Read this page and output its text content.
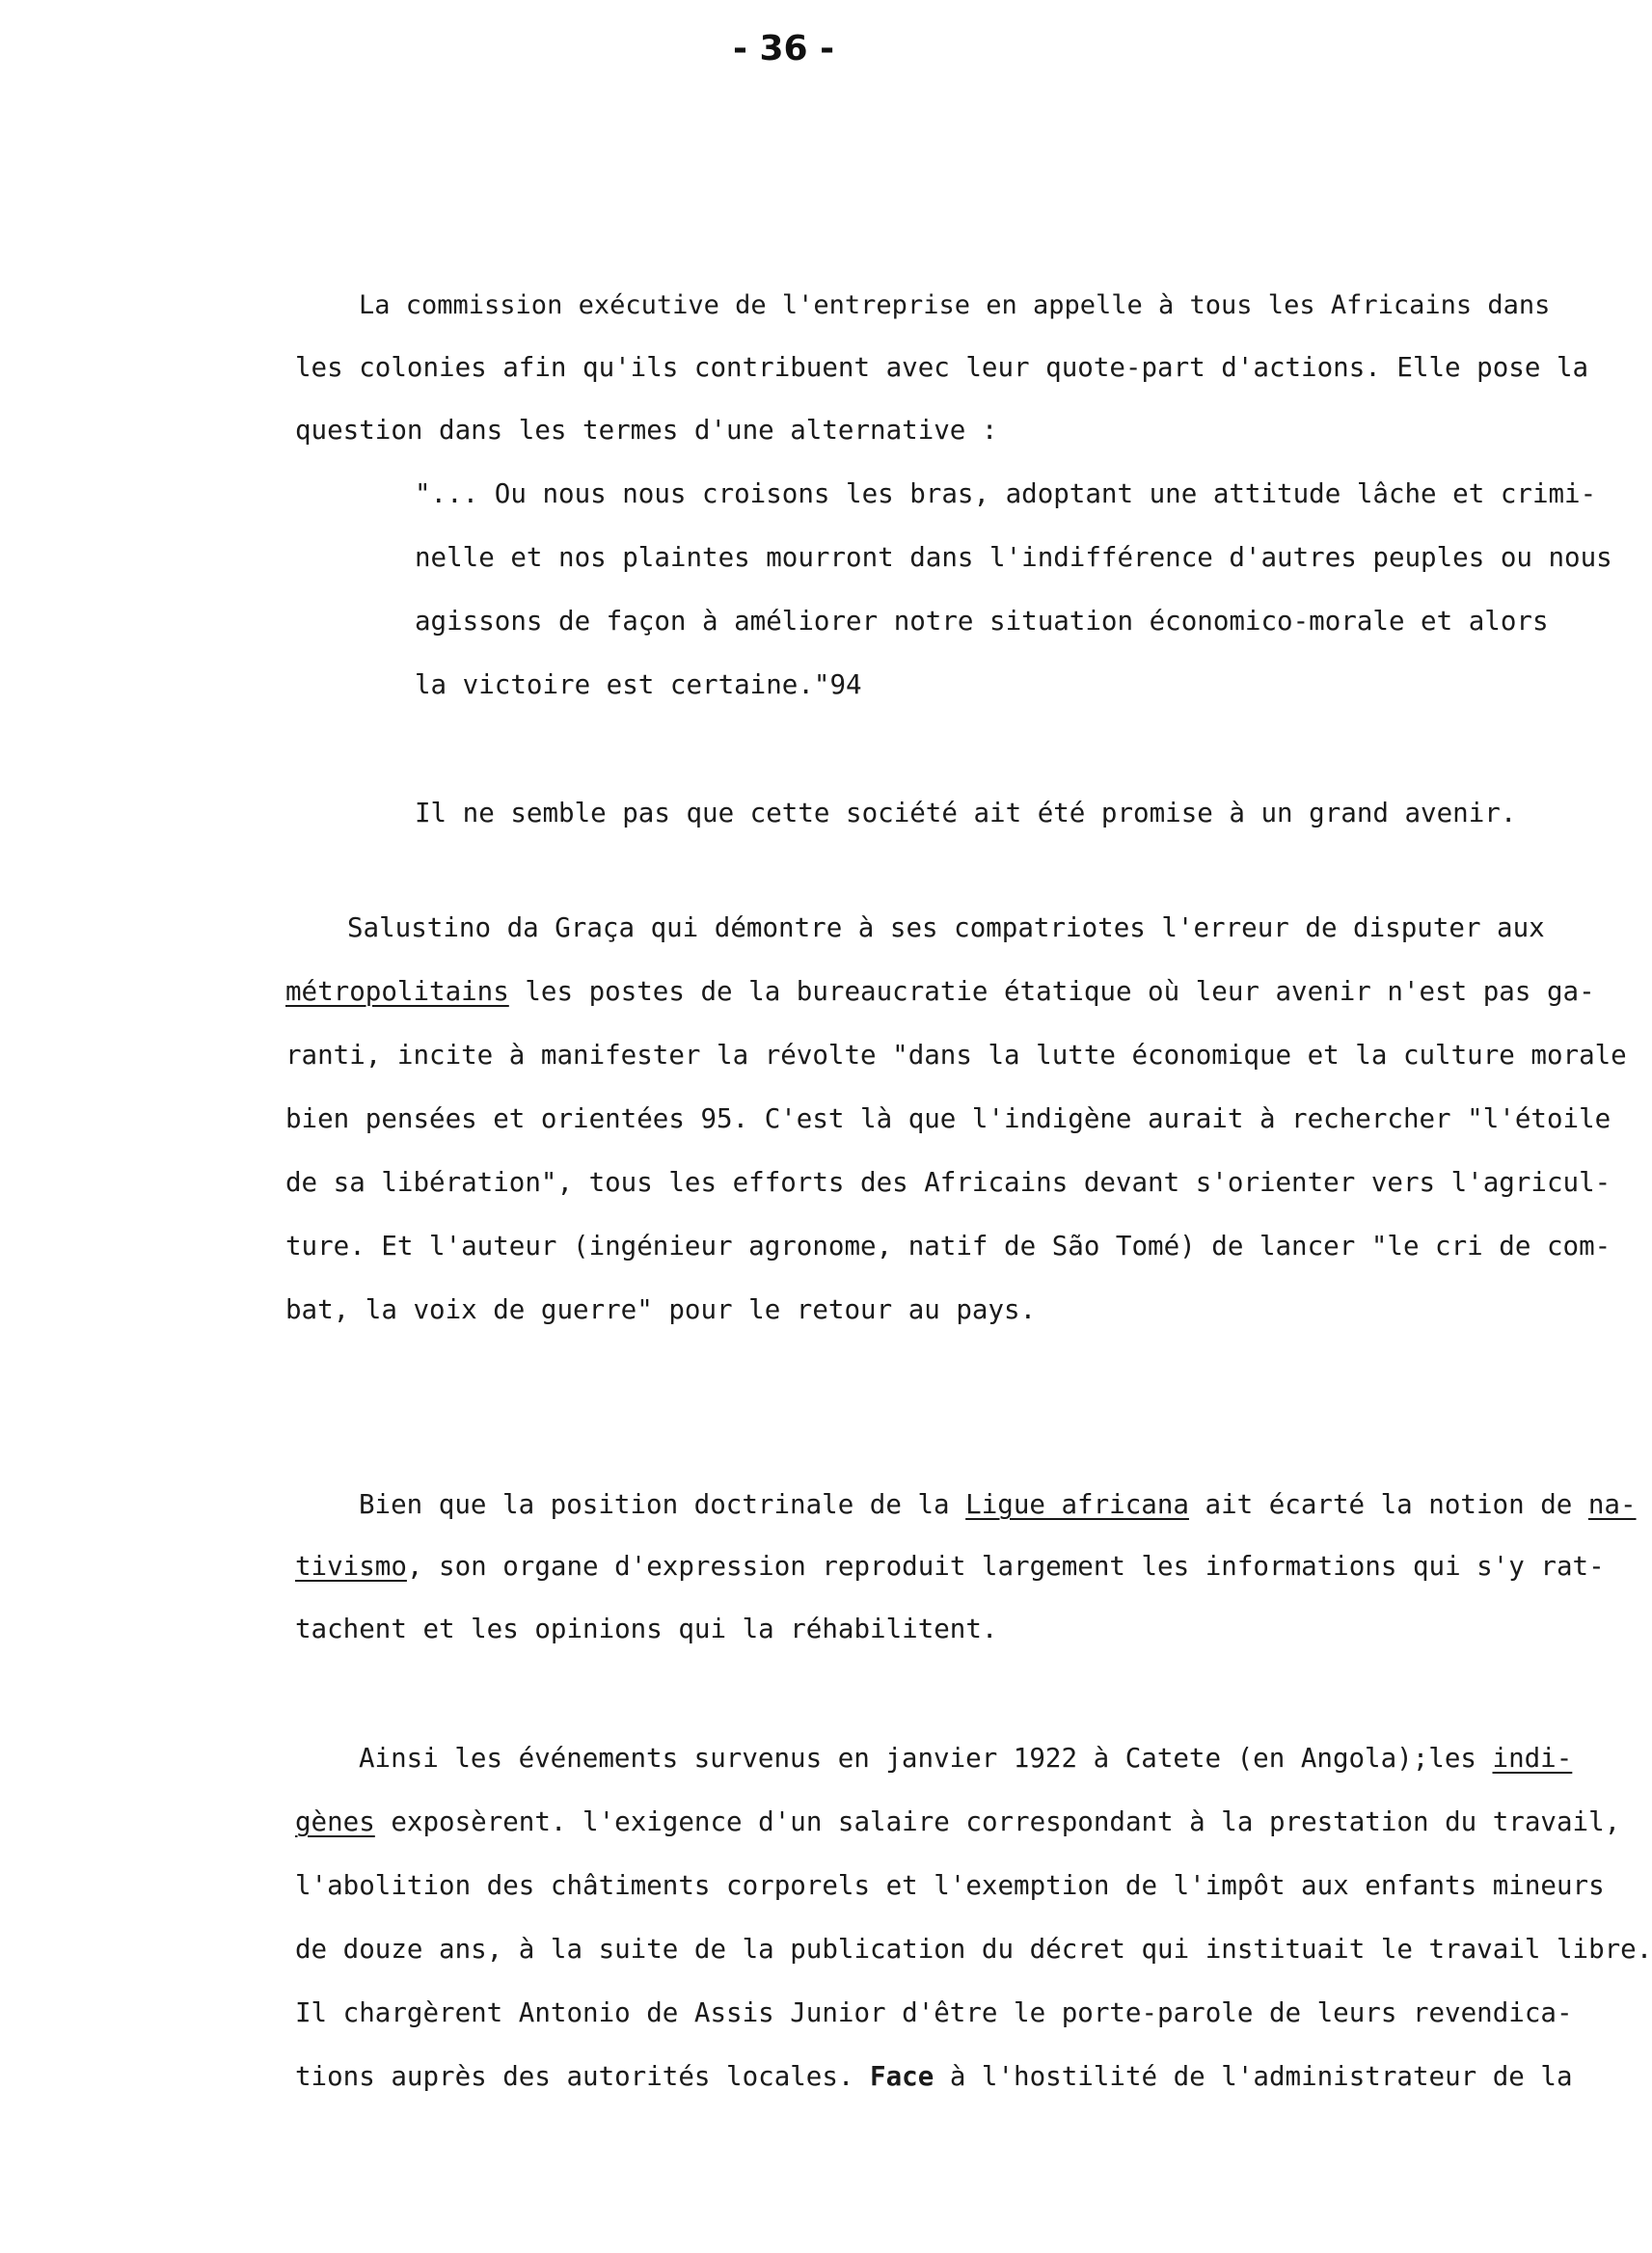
- 36 -
La commission exécutive de l'entreprise en appelle à tous les Africains dans
les colonies afin qu'ils contribuent avec leur quote-part d'actions. Elle pose la
question dans les termes d'une alternative :
"... Ou nous nous croisons les bras, adoptant une attitude lâche et crimi-
nelle et nos plaintes mourront dans l'indifférence d'autres peuples ou nous
agissons de façon à améliorer notre situation économico-morale et alors
la victoire est certaine."94
Il ne semble pas que cette société ait été promise à un grand avenir.
Salustino da Graça qui démontre à ses compatriotes l'erreur de disputer aux
métropolitains les postes de la bureaucratie étatique où leur avenir n'est pas ga-
ranti, incite à manifester la révolte "dans la lutte économique et la culture morale
bien pensées et orientées 95. C'est là que l'indigène aurait à rechercher "l'étoile
de sa libération", tous les efforts des Africains devant s'orienter vers l'agricul-
ture. Et l'auteur (ingénieur agronome, natif de São Tomé) de lancer "le cri de com-
bat, la voix de guerre" pour le retour au pays.
Bien que la position doctrinale de la Ligue africana ait écarté la notion de na-
tivismo, son organe d'expression reproduit largement les informations qui s'y rat-
tachent et les opinions qui la réhabilitent.
Ainsi les événements survenus en janvier 1922 à Catete (en Angola);les indi-
gènes exposèrent. l'exigence d'un salaire correspondant à la prestation du travail,
l'abolition des châtiments corporels et l'exemption de l'impôt aux enfants mineurs
de douze ans, à la suite de la publication du décret qui instituait le travail libre.
Il chargèrent Antonio de Assis Junior d'être le porte-parole de leurs revendica-
tions auprès des autorités locales. Face à l'hostilité de l'administrateur de la
